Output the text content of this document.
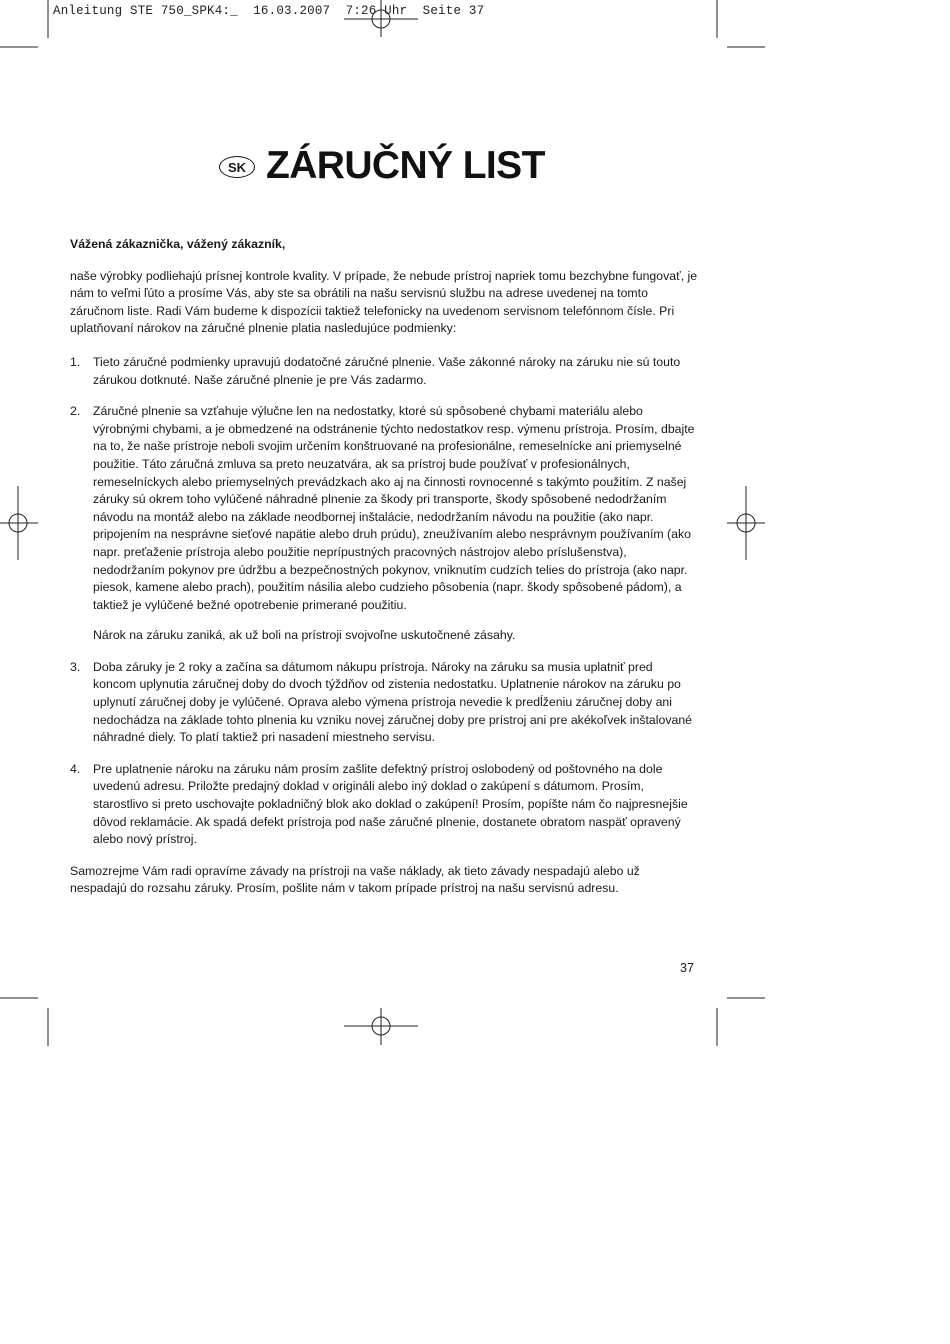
Anleitung STE 750_SPK4:_  16.03.2007  7:26 Uhr  Seite 37
SK ZÁRUČNÝ LIST

Vážená zákaznička, vážený zákazník,

naše výrobky podliehajú prísnej kontrole kvality. V prípade, že nebude prístroj napriek tomu bezchybne fungovať, je nám to veľmi ľúto a prosíme Vás, aby ste sa obrátili na našu servisnú službu na adrese uvedenej na tomto záručnom liste. Radi Vám budeme k dispozícii taktiež telefonicky na uvedenom servisnom telefónnom čísle. Pri uplatňovaní nárokov na záručné plnenie platia nasledujúce podmienky:

1. Tieto záručné podmienky upravujú dodatočné záručné plnenie. Vaše zákonné nároky na záruku nie sú touto zárukou dotknuté. Naše záručné plnenie je pre Vás zadarmo.

2. Záručné plnenie sa vzťahuje výlučne len na nedostatky, ktoré sú spôsobené chybami materiálu alebo výrobnými chybami, a je obmedzené na odstránenie týchto nedostatkov resp. výmenu prístroja. Prosím, dbajte na to, že naše prístroje neboli svojim určením konštruované na profesionálne, remeselnícke ani priemyselné použitie. Táto záručná zmluva sa preto neuzatvára, ak sa prístroj bude používať v profesionálnych, remeselníckych alebo priemyselných prevádzkach ako aj na činnosti rovnocenné s takýmto použitím. Z našej záruky sú okrem toho vylúčené náhradné plnenie za škody pri transporte, škody spôsobené nedodržaním návodu na montáž alebo na základe neodbornej inštalácie, nedodržaním návodu na použitie (ako napr. pripojením na nesprávne sieťové napätie alebo druh prúdu), zneužívaním alebo nesprávnym používaním (ako napr. preťaženie prístroja alebo použitie neprípustných pracovných nástrojov alebo príslušenstva), nedodržaním pokynov pre údržbu a bezpečnostných pokynov, vniknutím cudzích telies do prístroja (ako napr. piesok, kamene alebo prach), použitím násilia alebo cudzieho pôsobenia (napr. škody spôsobené pádom), a taktiež je vylúčené bežné opotrebenie primerané použitiu.

Nárok na záruku zaniká, ak už boli na prístroji svojvoľne uskutočnené zásahy.

3. Doba záruky je 2 roky a začína sa dátumom nákupu prístroja. Nároky na záruku sa musia uplatniť pred koncom uplynutia záručnej doby do dvoch týždňov od zistenia nedostatku. Uplatnenie nárokov na záruku po uplynutí záručnej doby je vylúčené. Oprava alebo výmena prístroja nevedie k predĺženiu záručnej doby ani nedochádza na základe tohto plnenia ku vzniku novej záručnej doby pre prístroj ani pre akékoľvek inštalované náhradné diely. To platí taktiež pri nasadení miestneho servisu.

4. Pre uplatnenie nároku na záruku nám prosím zašlite defektný prístroj oslobodený od poštovného na dole uvedenú adresu. Priložte predajný doklad v origináli alebo iný doklad o zakúpení s dátumom. Prosím, starostlivo si preto uschovajte pokladničný blok ako doklad o zakúpení! Prosím, popíšte nám čo najpresnejšie dôvod reklamácie. Ak spadá defekt prístroja pod naše záručné plnenie, dostanete obratom naspäť opravený alebo nový prístroj.

Samozrejme Vám radi opravíme závady na prístroji na vaše náklady, ak tieto závady nespadajú alebo už nespadajú do rozsahu záruky. Prosím, pošlite nám v takom prípade prístroj na našu servisnú adresu.

37
